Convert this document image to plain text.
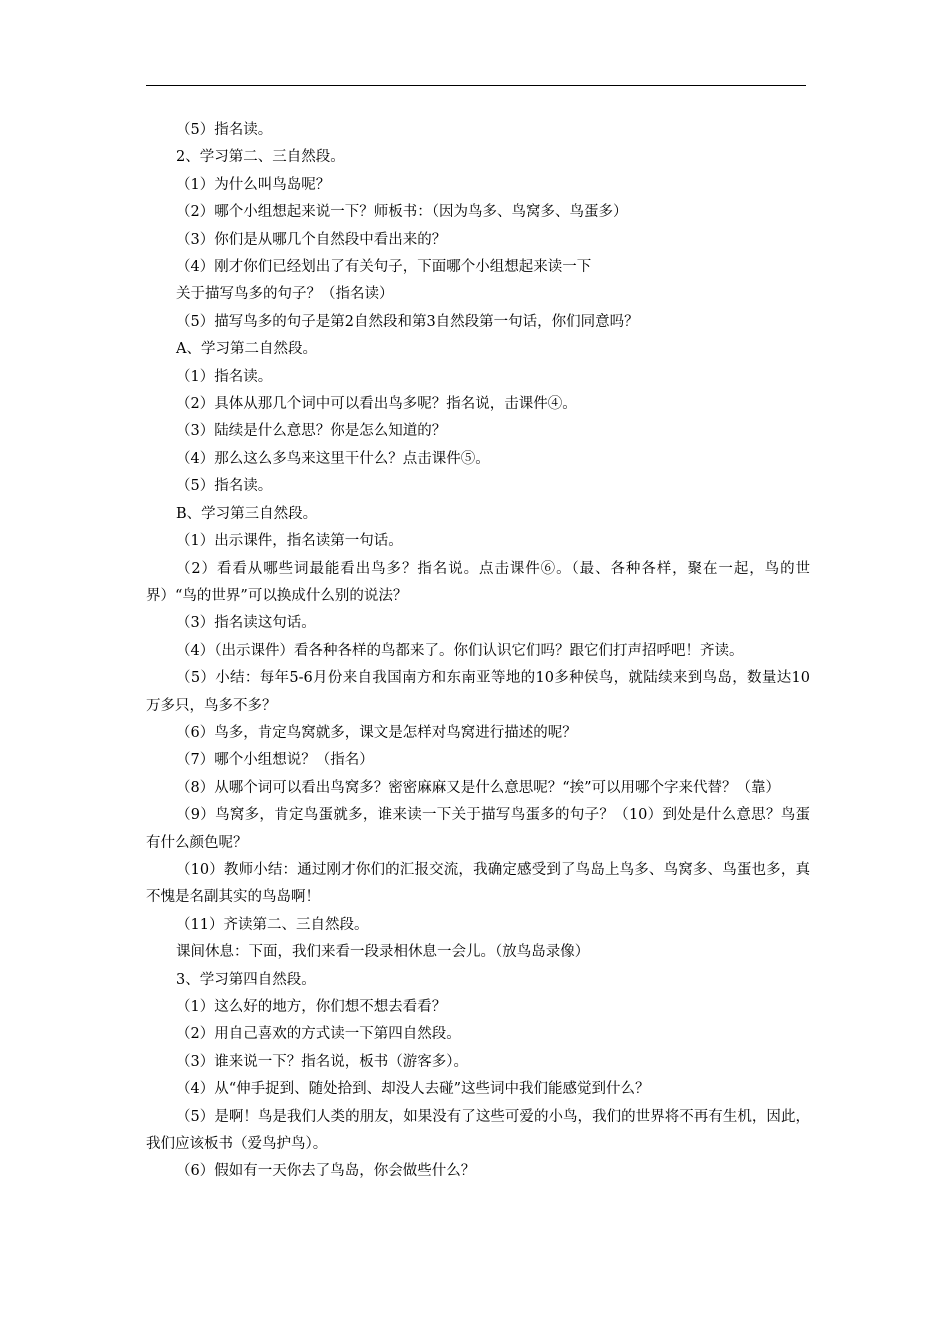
（5）指名读。

2、学习第二、三自然段。

（1）为什么叫鸟岛呢？

（2）哪个小组想起来说一下？师板书：（因为鸟多、鸟窝多、鸟蛋多）

（3）你们是从哪几个自然段中看出来的？

（4）刚才你们已经划出了有关句子，下面哪个小组想起来读一下

关于描写鸟多的句子？（指名读）

（5）描写鸟多的句子是第2自然段和第3自然段第一句话，你们同意吗？

A、学习第二自然段。

（1）指名读。

（2）具体从那几个词中可以看出鸟多呢？指名说，击课件④。

（3）陆续是什么意思？你是怎么知道的？

（4）那么这么多鸟来这里干什么？点击课件⑤。

（5）指名读。

B、学习第三自然段。

（1）出示课件，指名读第一句话。

（2）看看从哪些词最能看出鸟多？指名说。点击课件⑥。（最、各种各样，聚在一起，鸟的世界）“鸟的世界”可以换成什么别的说法？

（3）指名读这句话。

（4）（出示课件）看各种各样的鸟都来了。你们认识它们吗？跟它们打声招呼吧！齐读。

（5）小结：每年5-6月份来自我国南方和东南亚等地的10多种侯鸟，就陆续来到鸟岛，数量达10万多只，鸟多不多？

（6）鸟多，肯定鸟窝就多，课文是怎样对鸟窝进行描述的呢？

（7）哪个小组想说？（指名）

（8）从哪个词可以看出鸟窝多？密密麻麻又是什么意思呢？“挨”可以用哪个字来代替？（靠）

（9）鸟窝多，肯定鸟蛋就多，谁来读一下关于描写鸟蛋多的句子？（10）到处是什么意思？鸟蛋有什么颜色呢？

（10）教师小结：通过刚才你们的汇报交流，我确定感受到了鸟岛上鸟多、鸟窝多、鸟蛋也多，真不愧是名副其实的鸟岛啊！

（11）齐读第二、三自然段。

课间休息：下面，我们来看一段录相休息一会儿。（放鸟岛录像）

3、学习第四自然段。

（1）这么好的地方，你们想不想去看看？

（2）用自己喜欢的方式读一下第四自然段。

（3）谁来说一下？指名说，板书（游客多）。

（4）从“伸手捉到、随处拾到、却没人去碰”这些词中我们能感觉到什么？

（5）是啊！鸟是我们人类的朋友，如果没有了这些可爱的小鸟，我们的世界将不再有生机，因此，我们应该板书（爱鸟护鸟）。

（6）假如有一天你去了鸟岛，你会做些什么？
